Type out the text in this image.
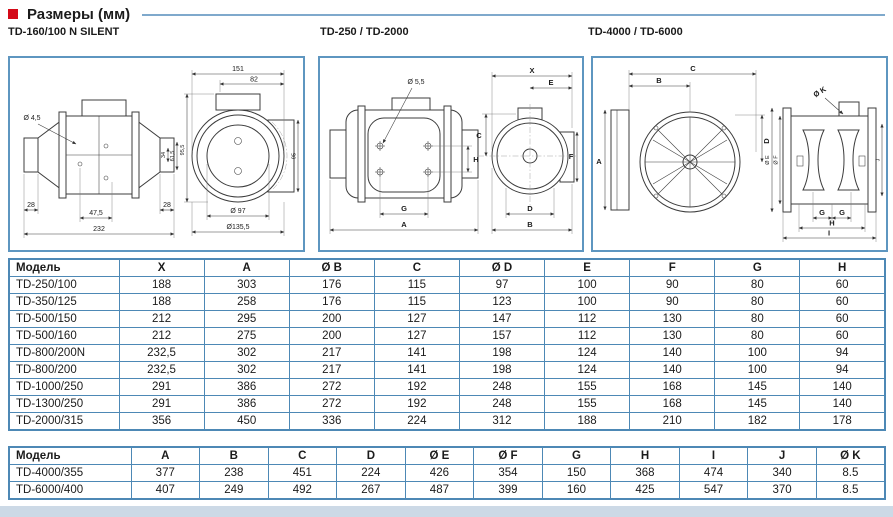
Размеры (мм)
TD-160/100 N SILENT	TD-250 / TD-2000	TD-4000 / TD-6000
Ø 4,5
28	28
47,5
232
34 61,5
151
82
95,5
95
Ø 97
Ø135,5
Ø 5,5
H
G
A
X
E
C
F
D
B
C
B
A
D
Ø K
Ø E Ø F	J
G G
H
I
Модель	X	A	Ø B	C	Ø D	E	F	G	H
TD-250/100	188	303	176	115	97	100	90	80	60
TD-350/125	188	258	176	115	123	100	90	80	60
TD-500/150	212	295	200	127	147	112	130	80	60
TD-500/160	212	275	200	127	157	112	130	80	60
TD-800/200N	232,5	302	217	141	198	124	140	100	94
TD-800/200	232,5	302	217	141	198	124	140	100	94
TD-1000/250	291	386	272	192	248	155	168	145	140
TD-1300/250	291	386	272	192	248	155	168	145	140
TD-2000/315	356	450	336	224	312	188	210	182	178
Модель	A	B	C	D	Ø E	Ø F	G	H	I	J	Ø K
TD-4000/355	377	238	451	224	426	354	150	368	474	340	8.5
TD-6000/400	407	249	492	267	487	399	160	425	547	370	8.5
